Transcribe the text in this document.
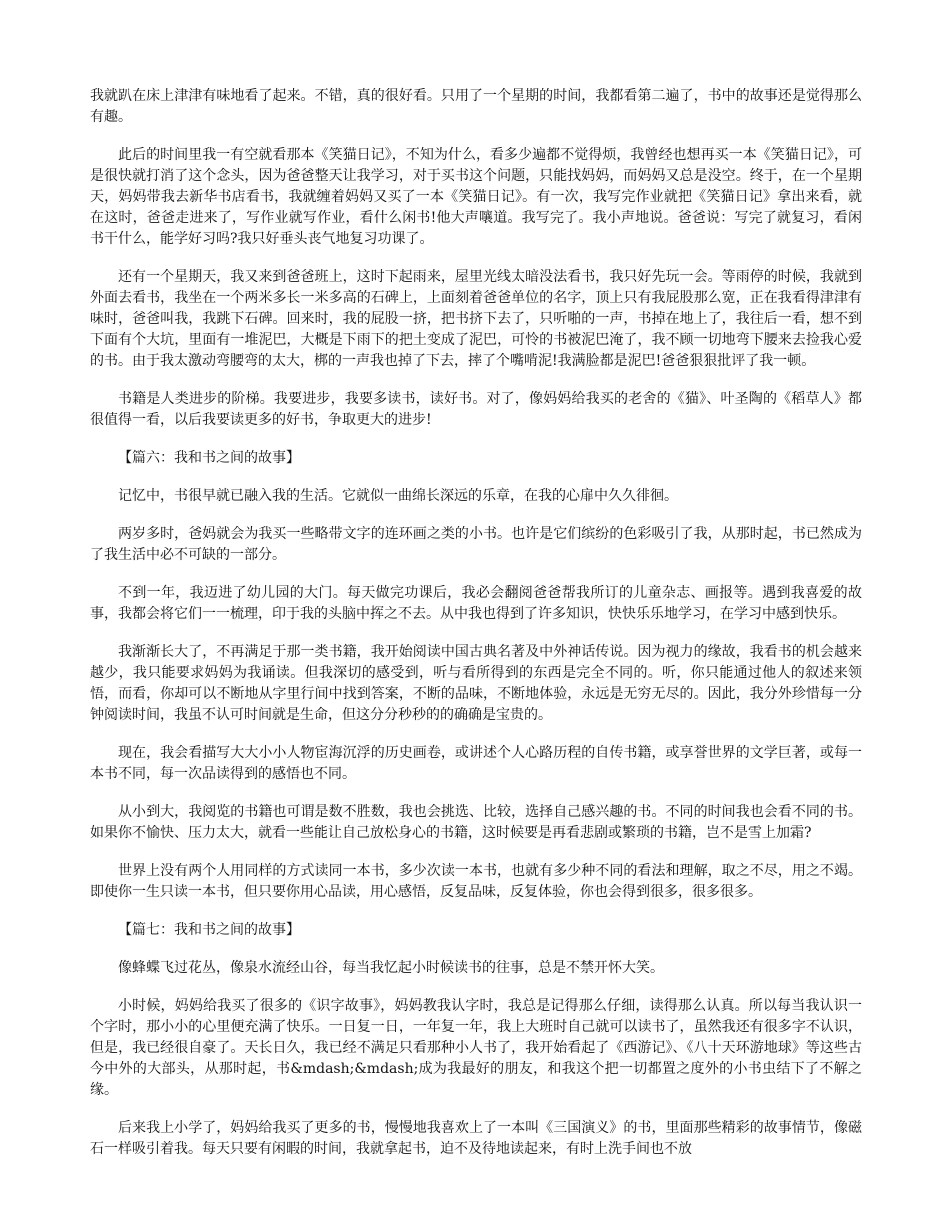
我就趴在床上津津有味地看了起来。不错，真的很好看。只用了一个星期的时间，我都看第二遍了，书中的故事还是觉得那么有趣。

此后的时间里我一有空就看那本《笑猫日记》，不知为什么，看多少遍都不觉得烦，我曾经也想再买一本《笑猫日记》，可是很快就打消了这个念头，因为爸爸整天让我学习，对于买书这个问题，只能找妈妈，而妈妈又总是没空。终于，在一个星期天，妈妈带我去新华书店看书，我就缠着妈妈又买了一本《笑猫日记》。有一次，我写完作业就把《笑猫日记》拿出来看，就在这时，爸爸走进来了，写作业就写作业，看什么闲书!他大声嚷道。我写完了。我小声地说。爸爸说：写完了就复习，看闲书干什么，能学好习吗?我只好垂头丧气地复习功课了。

还有一个星期天，我又来到爸爸班上，这时下起雨来，屋里光线太暗没法看书，我只好先玩一会。等雨停的时候，我就到外面去看书，我坐在一个两米多长一米多高的石碑上，上面刻着爸爸单位的名字，顶上只有我屁股那么宽，正在我看得津津有味时，爸爸叫我，我跳下石碑。回来时，我的屁股一挤，把书挤下去了，只听啪的一声，书掉在地上了，我往后一看，想不到下面有个大坑，里面有一堆泥巴，大概是下雨下的把土变成了泥巴，可怜的书被泥巴淹了，我不顾一切地弯下腰来去捡我心爱的书。由于我太激动弯腰弯的太大，梆的一声我也掉了下去，摔了个嘴啃泥!我满脸都是泥巴!爸爸狠狠批评了我一顿。

书籍是人类进步的阶梯。我要进步，我要多读书，读好书。对了，像妈妈给我买的老舍的《猫》、叶圣陶的《稻草人》都很值得一看，以后我要读更多的好书，争取更大的进步!

【篇六：我和书之间的故事】

记忆中，书很早就已融入我的生活。它就似一曲绵长深远的乐章，在我的心扉中久久徘徊。

两岁多时，爸妈就会为我买一些略带文字的连环画之类的小书。也许是它们缤纷的色彩吸引了我，从那时起，书已然成为了我生活中必不可缺的一部分。

不到一年，我迈进了幼儿园的大门。每天做完功课后，我必会翻阅爸爸帮我所订的儿童杂志、画报等。遇到我喜爱的故事，我都会将它们一一梳理，印于我的头脑中挥之不去。从中我也得到了许多知识，快快乐乐地学习，在学习中感到快乐。

我渐渐长大了，不再满足于那一类书籍，我开始阅读中国古典名著及中外神话传说。因为视力的缘故，我看书的机会越来越少，我只能要求妈妈为我诵读。但我深切的感受到，听与看所得到的东西是完全不同的。听，你只能通过他人的叙述来领悟，而看，你却可以不断地从字里行间中找到答案，不断的品味，不断地体验，永远是无穷无尽的。因此，我分外珍惜每一分钟阅读时间，我虽不认可时间就是生命，但这分分秒秒的的确确是宝贵的。

现在，我会看描写大大小小人物宦海沉浮的历史画卷，或讲述个人心路历程的自传书籍，或享誉世界的文学巨著，或每一本书不同，每一次品读得到的感悟也不同。

从小到大，我阅览的书籍也可谓是数不胜数，我也会挑选、比较，选择自己感兴趣的书。不同的时间我也会看不同的书。如果你不愉快、压力太大，就看一些能让自己放松身心的书籍，这时候要是再看悲剧或繁琐的书籍，岂不是雪上加霜?

世界上没有两个人用同样的方式读同一本书，多少次读一本书，也就有多少种不同的看法和理解，取之不尽，用之不竭。即使你一生只读一本书，但只要你用心品读，用心感悟，反复品味，反复体验，你也会得到很多，很多很多。

【篇七：我和书之间的故事】

像蜂蝶飞过花丛，像泉水流经山谷，每当我忆起小时候读书的往事，总是不禁开怀大笑。

小时候，妈妈给我买了很多的《识字故事》，妈妈教我认字时，我总是记得那么仔细，读得那么认真。所以每当我认识一个字时，那小小的心里便充满了快乐。一日复一日，一年复一年，我上大班时自己就可以读书了，虽然我还有很多字不认识，但是，我已经很自豪了。天长日久，我已经不满足只看那种小人书了，我开始看起了《西游记》、《八十天环游地球》等这些古今中外的大部头，从那时起，书&mdash;&mdash;成为我最好的朋友，和我这个把一切都置之度外的小书虫结下了不解之缘。

后来我上小学了，妈妈给我买了更多的书，慢慢地我喜欢上了一本叫《三国演义》的书，里面那些精彩的故事情节，像磁石一样吸引着我。每天只要有闲暇的时间，我就拿起书，迫不及待地读起来，有时上洗手间也不放
